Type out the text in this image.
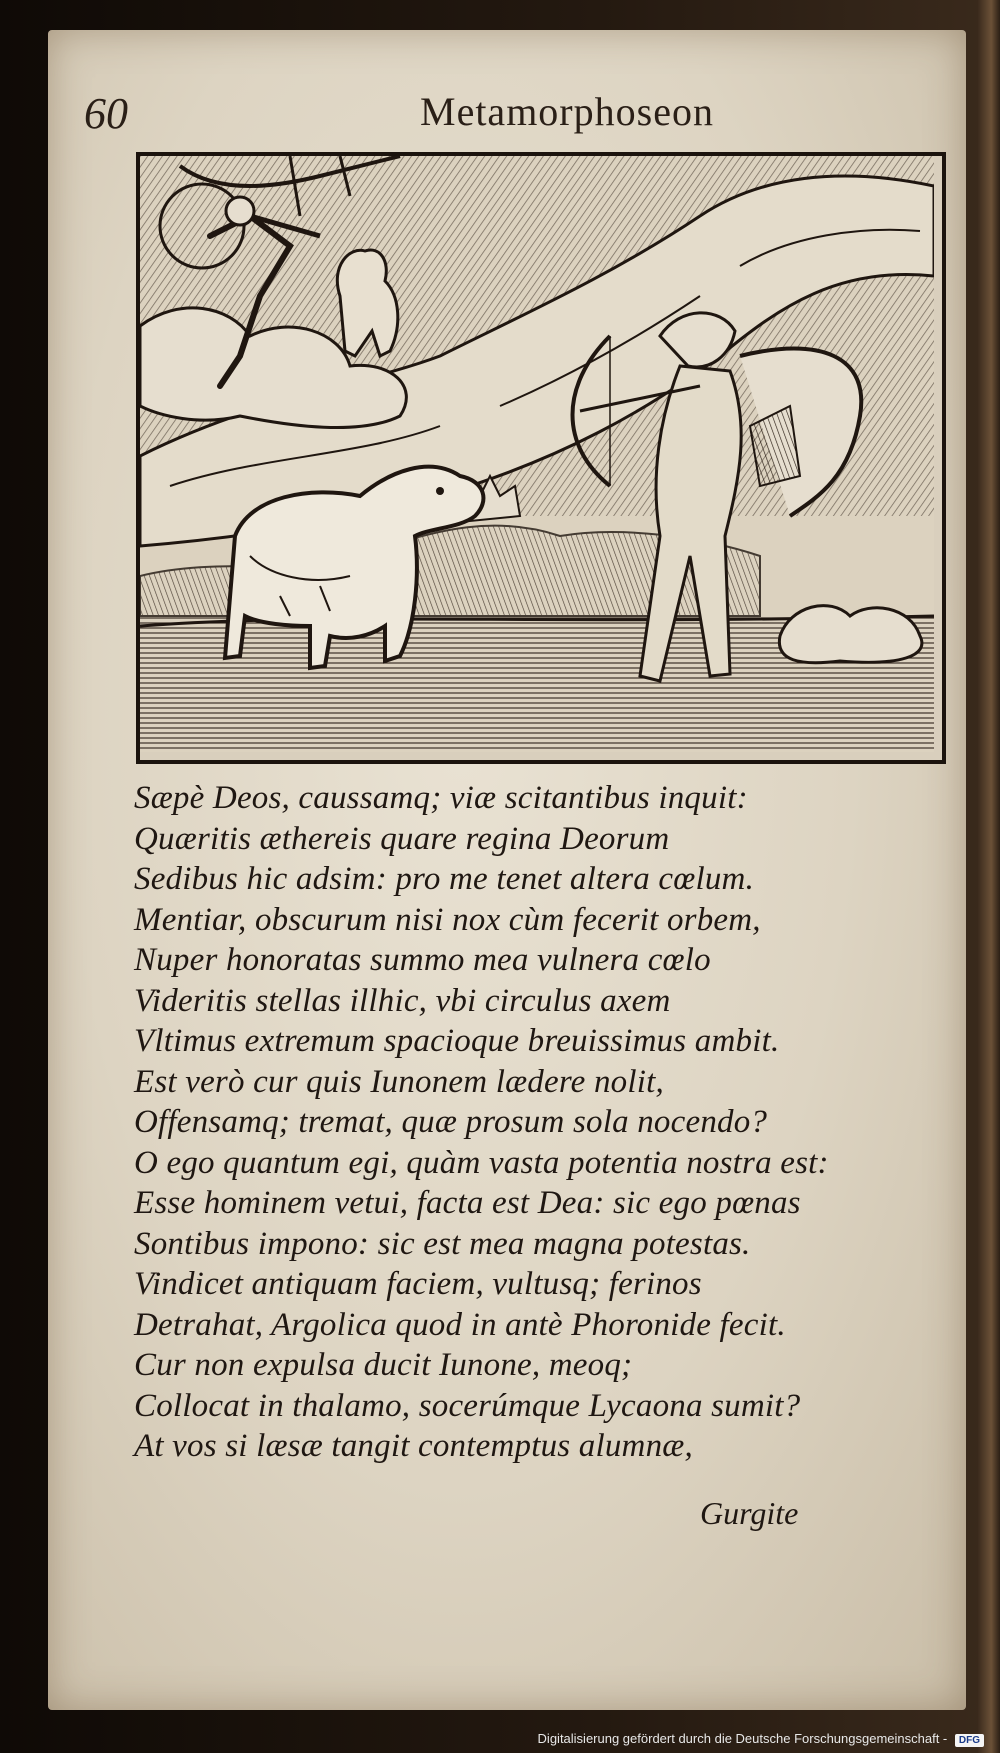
60	Metamorphoseon
Sæpè Deos, caussamq; viæ scitantibus inquit:
Quæritis æthereis quare regina Deorum
Sedibus hic adsim: pro me tenet altera cœlum.
Mentiar, obscurum nisi nox cùm fecerit orbem,
Nuper honoratas summo mea vulnera cœlo
Videritis stellas illhic, vbi circulus axem
Vltimus extremum spacioque breuissimus ambit.
Est verò cur quis Iunonem lædere nolit,
Offensamq; tremat, quæ prosum sola nocendo?
O ego quantum egi, quàm vasta potentia nostra est:
Esse hominem vetui, facta est Dea: sic ego pœnas
Sontibus impono: sic est mea magna potestas.
Vindicet antiquam faciem, vultusq; ferinos
Detrahat, Argolica quod in antè Phoronide fecit.
Cur non expulsa ducit Iunone, meoq;
Collocat in thalamo, socerúmque Lycaona sumit?
At vos si læsæ tangit contemptus alumnæ,
Gurgite
Digitalisierung gefördert durch die Deutsche Forschungsgemeinschaft - DFG
